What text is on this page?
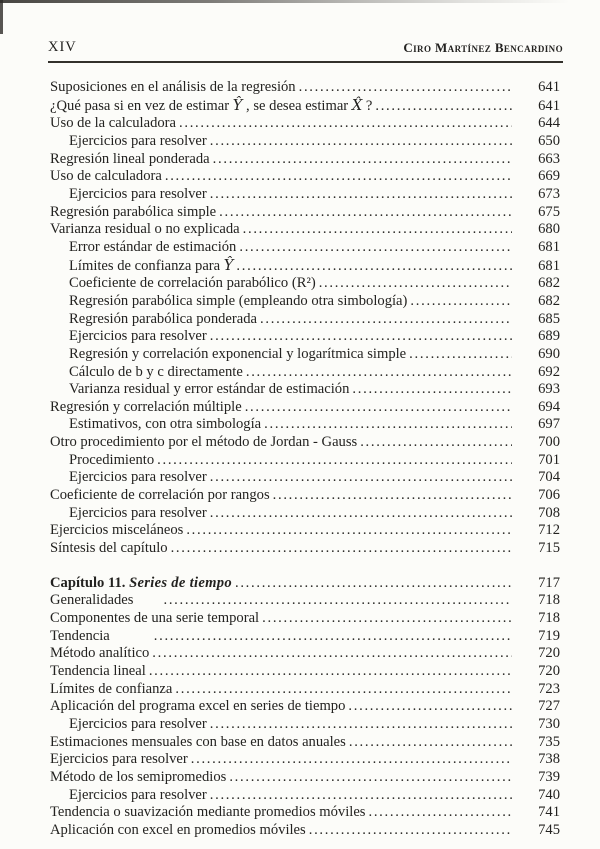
XIV	Ciro Martínez Bencardino
Suposiciones en el análisis de la regresión .....	641
¿Qué pasa si en vez de estimar Ŷ , se desea estimar X̂ ? .....	641
Uso de la calculadora .....	644
Ejercicios para resolver .....	650
Regresión lineal ponderada .....	663
Uso de calculadora .....	669
Ejercicios para resolver .....	673
Regresión parabólica simple .....	675
Varianza residual o no explicada .....	680
Error estándar de estimación .....	681
Límites de confianza para Ŷ .....	681
Coeficiente de correlación parabólico (R²) .....	682
Regresión parabólica simple (empleando otra simbología) .....	682
Regresión parabólica ponderada .....	685
Ejercicios para resolver .....	689
Regresión y correlación exponencial y logarítmica simple .....	690
Cálculo de b y c directamente .....	692
Varianza residual y error estándar de estimación .....	693
Regresión y correlación múltiple .....	694
Estimativos, con otra simbología .....	697
Otro procedimiento por el método de Jordan - Gauss .....	700
Procedimiento .....	701
Ejercicios para resolver .....	704
Coeficiente de correlación por rangos .....	706
Ejercicios para resolver .....	708
Ejercicios misceláneos .....	712
Síntesis del capítulo .....	715
Capítulo 11. Series de tiempo .....	717
Generalidades .....	718
Componentes de una serie temporal .....	718
Tendencia .....	719
Método analítico .....	720
Tendencia lineal .....	720
Límites de confianza .....	723
Aplicación del programa excel en series de tiempo .....	727
Ejercicios para resolver .....	730
Estimaciones mensuales con base en datos anuales .....	735
Ejercicios para resolver .....	738
Método de los semipromedios .....	739
Ejercicios para resolver .....	740
Tendencia o suavización mediante promedios móviles .....	741
Aplicación con excel en promedios móviles .....	745
